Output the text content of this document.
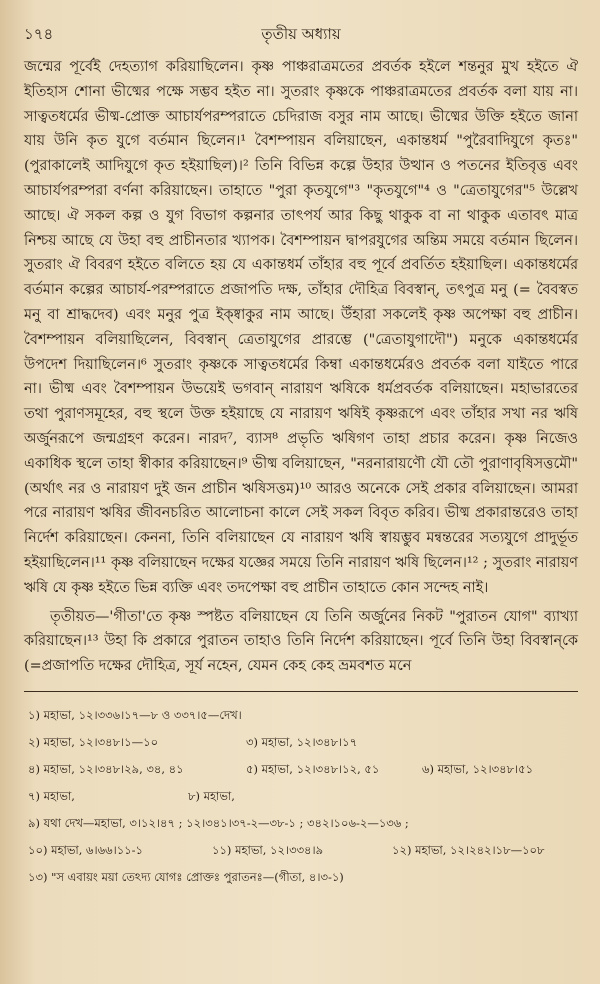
১৭৪	তৃতীয় অধ্যায়

জন্মের পূর্বেই দেহত্যাগ করিয়াছিলেন। কৃষ্ণ পাঞ্চরাত্রমতের প্রবর্তক হইলে শন্তনুর মুখ হইতে ঐ ইতিহাস শোনা ভীষ্মের পক্ষে সম্ভব হইত না। সুতরাং কৃষ্ণকে পাঞ্চরাত্রমতের প্রবর্তক বলা যায় না। সাত্বতধর্মের ভীষ্ম-প্রোক্ত আচার্যপরম্পরাতে চেদিরাজ বসুর নাম আছে। ভীষ্মের উক্তি হইতে জানা যায় উনি কৃত যুগে বর্তমান ছিলেন।¹ বৈশম্পায়ন বলিয়াছেন, একান্তধর্ম "পুরৈবাদিযুগে কৃতঃ" (পুরাকালেই আদিযুগে কৃত হইয়াছিল)।² তিনি বিভিন্ন কল্পে উহার উত্থান ও পতনের ইতিবৃত্ত এবং আচার্যপরম্পরা বর্ণনা করিয়াছেন। তাহাতে "পুরা কৃতযুগে"³ "কৃতযুগে"⁴ ও "ত্রেতাযুগের"⁵ উল্লেখ আছে। ঐ সকল কল্প ও যুগ বিভাগ কল্পনার তাৎপর্য আর কিছু থাকুক বা না থাকুক এতাবৎ মাত্র নিশ্চয় আছে যে উহা বহু প্রাচীনতার খ্যাপক। বৈশম্পায়ন দ্বাপরযুগের অন্তিম সময়ে বর্তমান ছিলেন। সুতরাং ঐ বিবরণ হইতে বলিতে হয় যে একান্তধর্ম তাঁহার বহু পূর্বে প্রবর্তিত হইয়াছিল। একান্তধর্মের বর্তমান কল্পের আচার্য-পরম্পরাতে প্রজাপতি দক্ষ, তাঁহার দৌহিত্র বিবস্বান্, তৎপুত্র মনু (= বৈবস্বত মনু বা শ্রাদ্ধদেব) এবং মনুর পুত্র ইক্ষ্বাকুর নাম আছে। উঁহারা সকলেই কৃষ্ণ অপেক্ষা বহু প্রাচীন। বৈশম্পায়ন বলিয়াছিলেন, বিবস্বান্ ত্রেতাযুগের প্রারম্ভে ("ত্রেতাযুগাদৌ") মনুকে একান্তধর্মের উপদেশ দিয়াছিলেন।⁶ সুতরাং কৃষ্ণকে সাত্বতধর্মের কিম্বা একান্তধর্মেরও প্রবর্তক বলা যাইতে পারে না। ভীষ্ম এবং বৈশম্পায়ন উভয়েই ভগবান্ নারায়ণ ঋষিকে ধর্মপ্রবর্তক বলিয়াছেন। মহাভারতের তথা পুরাণসমূহের, বহু স্থলে উক্ত হইয়াছে যে নারায়ণ ঋষিই কৃষ্ণরূপে এবং তাঁহার সখা নর ঋষি অর্জুনরূপে জন্মগ্রহণ করেন। নারদ⁷, ব্যাস⁸ প্রভৃতি ঋষিগণ তাহা প্রচার করেন। কৃষ্ণ নিজেও একাধিক স্থলে তাহা স্বীকার করিয়াছেন।⁹ ভীষ্ম বলিয়াছেন, "নরনারায়ণৌ যৌ তৌ পুরাণাবৃষিসত্তমৌ" (অর্থাৎ নর ও নারায়ণ দুই জন প্রাচীন ঋষিসত্তম)¹⁰ আরও অনেকে সেই প্রকার বলিয়াছেন। আমরা পরে নারায়ণ ঋষির জীবনচরিত আলোচনা কালে সেই সকল বিবৃত করিব। ভীষ্ম প্রকারান্তরেও তাহা নির্দেশ করিয়াছেন। কেননা, তিনি বলিয়াছেন যে নারায়ণ ঋষি স্বায়ম্ভুব মন্বন্তরের সত্যযুগে প্রাদুর্ভূত হইয়াছিলেন।¹¹ কৃষ্ণ বলিয়াছেন দক্ষের যজ্ঞের সময়ে তিনি নারায়ণ ঋষি ছিলেন।¹² ; সুতরাং নারায়ণ ঋষি যে কৃষ্ণ হইতে ভিন্ন ব্যক্তি এবং তদপেক্ষা বহু প্রাচীন তাহাতে কোন সন্দেহ নাই।

তৃতীয়ত—'গীতা'তে কৃষ্ণ স্পষ্টত বলিয়াছেন যে তিনি অর্জুনের নিকট "পুরাতন যোগ" ব্যাখ্যা করিয়াছেন।¹³ উহা কি প্রকারে পুরাতন তাহাও তিনি নির্দেশ করিয়াছেন। পূর্বে তিনি উহা বিবস্বান্‌কে (=প্রজাপতি দক্ষের দৌহিত্র, সূর্য নহেন, যেমন কেহ কেহ ভ্রমবশত মনে

১) মহাভা, ১২।৩৩৬।১৭—৮ ও ৩৩৭।৫—দেখ।
২) মহাভা, ১২।৩৪৮।১—১০	৩) মহাভা, ১২।৩৪৮।১৭
৪) মহাভা, ১২।৩৪৮।২৯, ৩৪, ৪১	৫) মহাভা, ১২।৩৪৮।১২, ৫১	৬) মহাভা, ১২।৩৪৮।৫১
৭) মহাভা,	৮) মহাভা,
৯) যথা দেখ—মহাভা, ৩।১২।৪৭ ; ১২।৩৪১।৩৭-২—৩৮-১ ; ৩৪২।১০৬-২—১৩৬ ;
১০) মহাভা, ৬।৬৬।১১-১	১১) মহাভা, ১২।৩৩৪।৯	১২) মহাভা, ১২।২৪২।১৮—১০৮
১৩) "স এবায়ং ময়া তেঽদ্য যোগঃ প্রোক্তঃ পুরাতনঃ—(গীতা, ৪।৩-১)
